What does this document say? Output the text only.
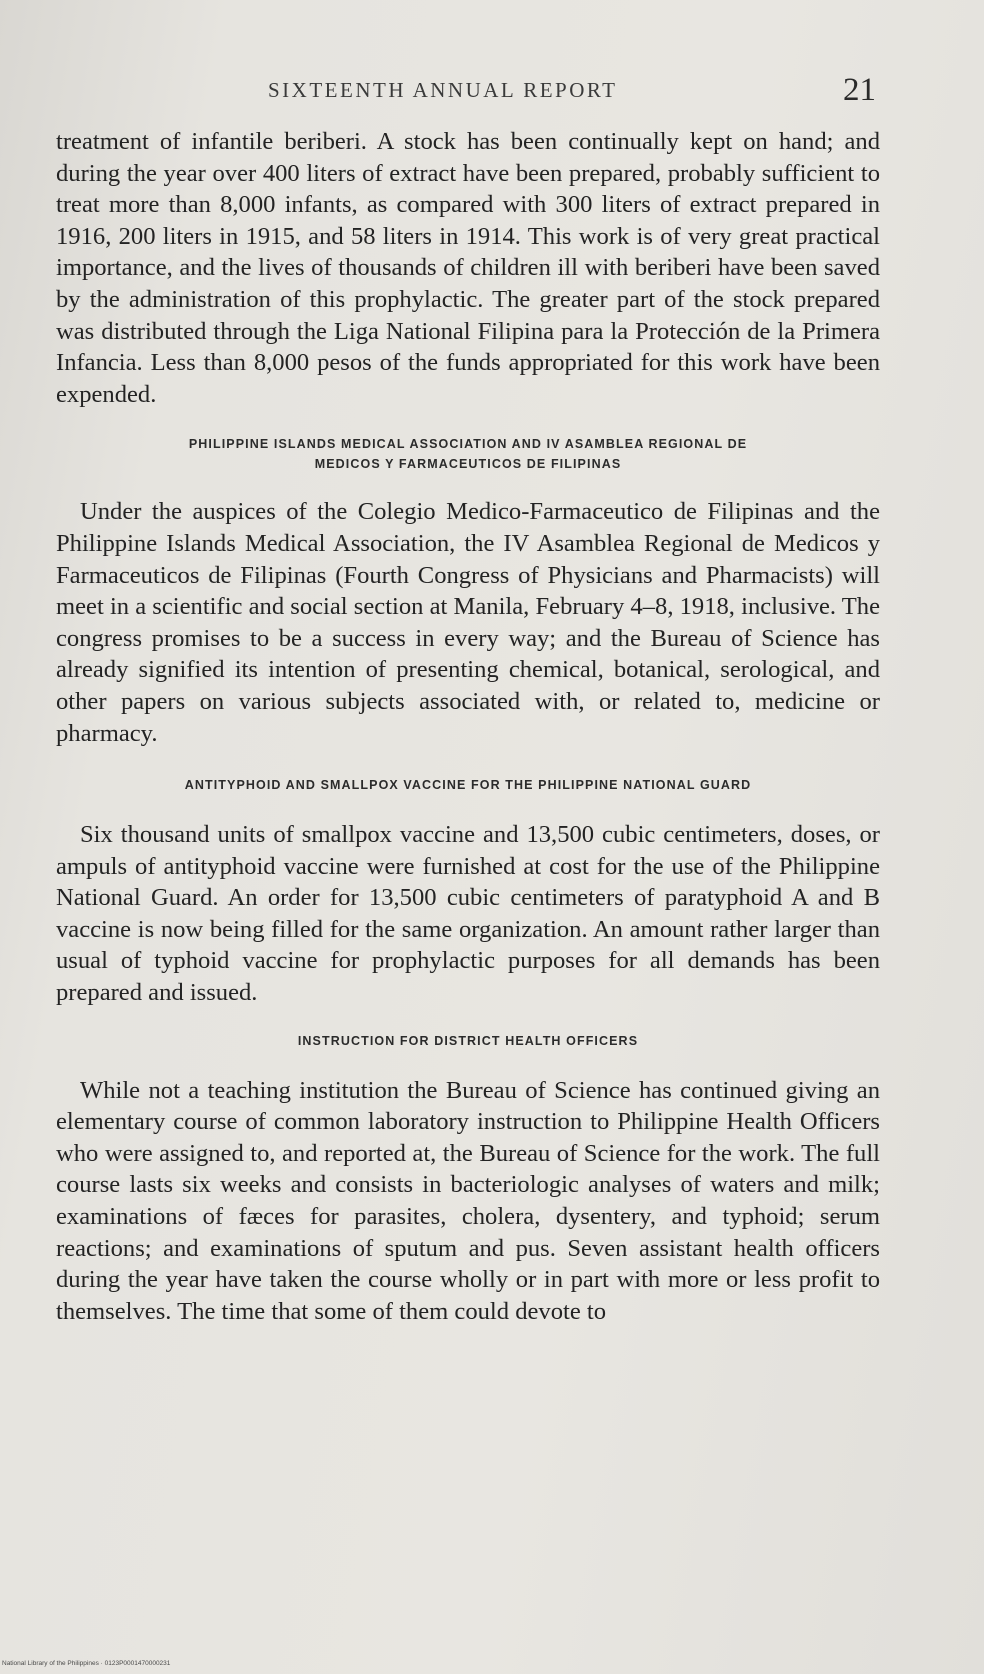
SIXTEENTH ANNUAL REPORT	21

treatment of infantile beriberi. A stock has been continually kept on hand; and during the year over 400 liters of extract have been prepared, probably sufficient to treat more than 8,000 infants, as compared with 300 liters of extract prepared in 1916, 200 liters in 1915, and 58 liters in 1914. This work is of very great practical importance, and the lives of thousands of children ill with beriberi have been saved by the administration of this prophylactic. The greater part of the stock prepared was distributed through the Liga National Filipina para la Protección de la Primera Infancia. Less than 8,000 pesos of the funds appropriated for this work have been expended.

PHILIPPINE ISLANDS MEDICAL ASSOCIATION AND IV ASAMBLEA REGIONAL DE
MEDICOS Y FARMACEUTICOS DE FILIPINAS

Under the auspices of the Colegio Medico-Farmaceutico de Filipinas and the Philippine Islands Medical Association, the IV Asamblea Regional de Medicos y Farmaceuticos de Filipinas (Fourth Congress of Physicians and Pharmacists) will meet in a scientific and social section at Manila, February 4–8, 1918, inclusive. The congress promises to be a success in every way; and the Bureau of Science has already signified its intention of presenting chemical, botanical, serological, and other papers on various subjects associated with, or related to, medicine or pharmacy.

ANTITYPHOID AND SMALLPOX VACCINE FOR THE PHILIPPINE NATIONAL GUARD

Six thousand units of smallpox vaccine and 13,500 cubic centimeters, doses, or ampuls of antityphoid vaccine were furnished at cost for the use of the Philippine National Guard. An order for 13,500 cubic centimeters of paratyphoid A and B vaccine is now being filled for the same organization. An amount rather larger than usual of typhoid vaccine for prophylactic purposes for all demands has been prepared and issued.

INSTRUCTION FOR DISTRICT HEALTH OFFICERS

While not a teaching institution the Bureau of Science has continued giving an elementary course of common laboratory instruction to Philippine Health Officers who were assigned to, and reported at, the Bureau of Science for the work. The full course lasts six weeks and consists in bacteriologic analyses of waters and milk; examinations of fæces for parasites, cholera, dysentery, and typhoid; serum reactions; and examinations of sputum and pus. Seven assistant health officers during the year have taken the course wholly or in part with more or less profit to themselves. The time that some of them could devote to

National Library of the Philippines · 0123P0001470000231
